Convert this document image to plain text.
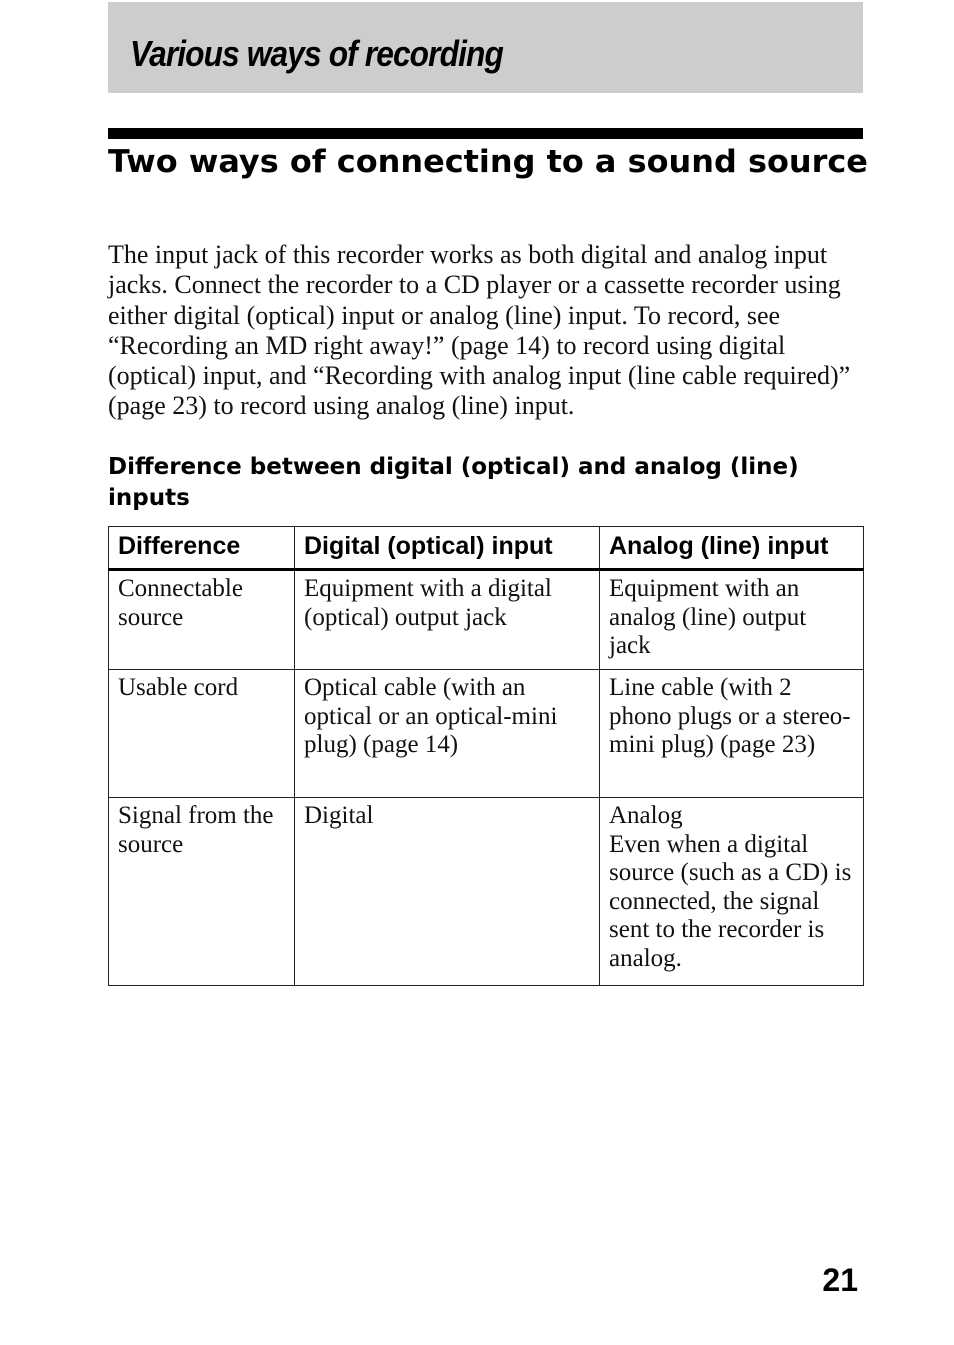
Various ways of recording
Two ways of connecting to a sound source

The input jack of this recorder works as both digital and analog input jacks. Connect the recorder to a CD player or a cassette recorder using either digital (optical) input or analog (line) input. To record, see “Recording an MD right away!” (page 14) to record using digital (optical) input, and “Recording with analog input (line cable required)” (page 23) to record using analog (line) input.

Difference between digital (optical) and analog (line) inputs
Difference	Digital (optical) input	Analog (line) input
Connectable source	Equipment with a digital (optical) output jack	Equipment with an analog (line) output jack
Usable cord	Optical cable (with an optical or an optical-mini plug) (page 14)	Line cable (with 2 phono plugs or a stereo-mini plug) (page 23)
Signal from the source	Digital	Analog
Even when a digital source (such as a CD) is connected, the signal sent to the recorder is analog.
21
